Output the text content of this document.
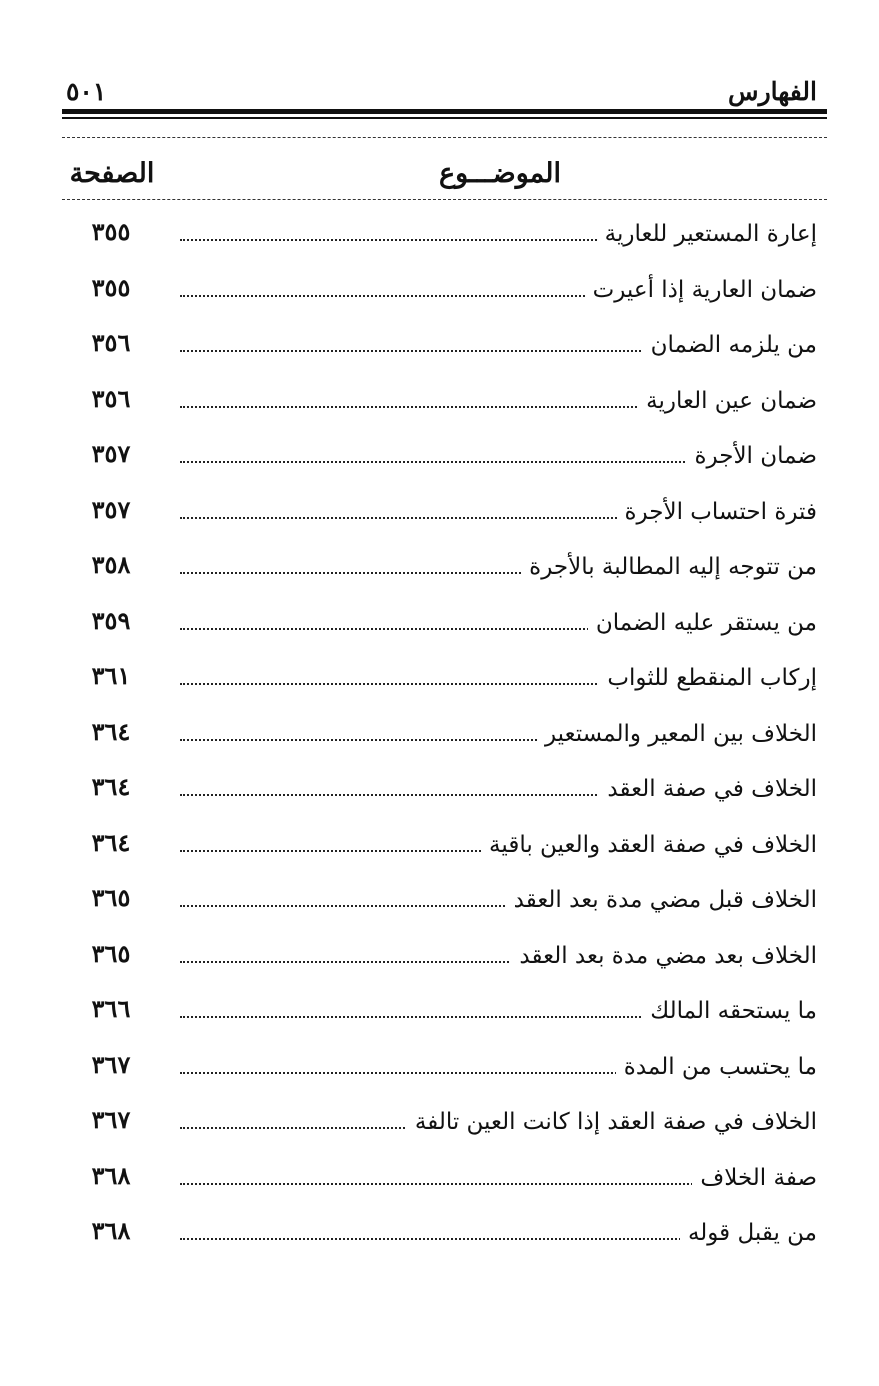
الفهارس
٥٠١
الموضـــوع
الصفحة
إعارة المستعير للعارية
٣٥٥
ضمان العارية إذا أعيرت
٣٥٥
من يلزمه الضمان
٣٥٦
ضمان عين العارية
٣٥٦
ضمان الأجرة
٣٥٧
فترة احتساب الأجرة
٣٥٧
من تتوجه إليه المطالبة بالأجرة
٣٥٨
من يستقر عليه الضمان
٣٥٩
إركاب المنقطع للثواب
٣٦١
الخلاف بين المعير والمستعير
٣٦٤
الخلاف في صفة العقد
٣٦٤
الخلاف في صفة العقد والعين باقية
٣٦٤
الخلاف قبل مضي مدة بعد العقد
٣٦٥
الخلاف بعد مضي مدة بعد العقد
٣٦٥
ما يستحقه المالك
٣٦٦
ما يحتسب من المدة
٣٦٧
الخلاف في صفة العقد إذا كانت العين تالفة
٣٦٧
صفة الخلاف
٣٦٨
من يقبل قوله
٣٦٨
